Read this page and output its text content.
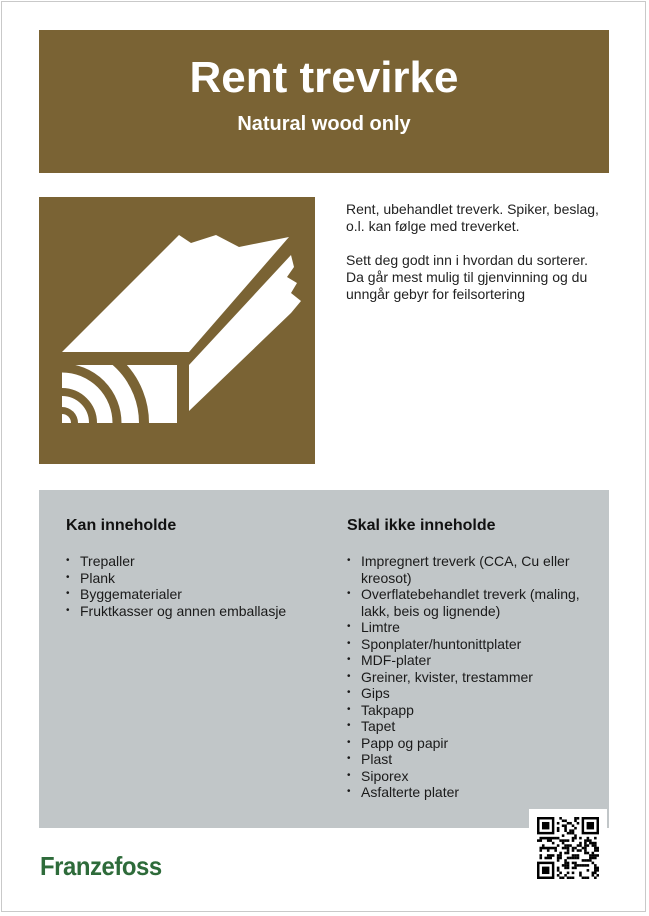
Rent trevirke
Natural wood only

Rent, ubehandlet treverk. Spiker, beslag, o.l. kan følge med treverket.

Sett deg godt inn i hvordan du sorterer. Da går mest mulig til gjenvinning og du unngår gebyr for feilsortering

Kan inneholde
• Trepaller
• Plank
• Byggematerialer
• Fruktkasser og annen emballasje
Skal ikke inneholde
• Impregnert treverk (CCA, Cu eller kreosot)
• Overflatebehandlet treverk (maling, lakk, beis og lignende)
• Limtre
• Sponplater/huntonittplater
• MDF-plater
• Greiner, kvister, trestammer
• Gips
• Takpapp
• Tapet
• Papp og papir
• Plast
• Siporex
• Asfalterte plater
Franzefoss
